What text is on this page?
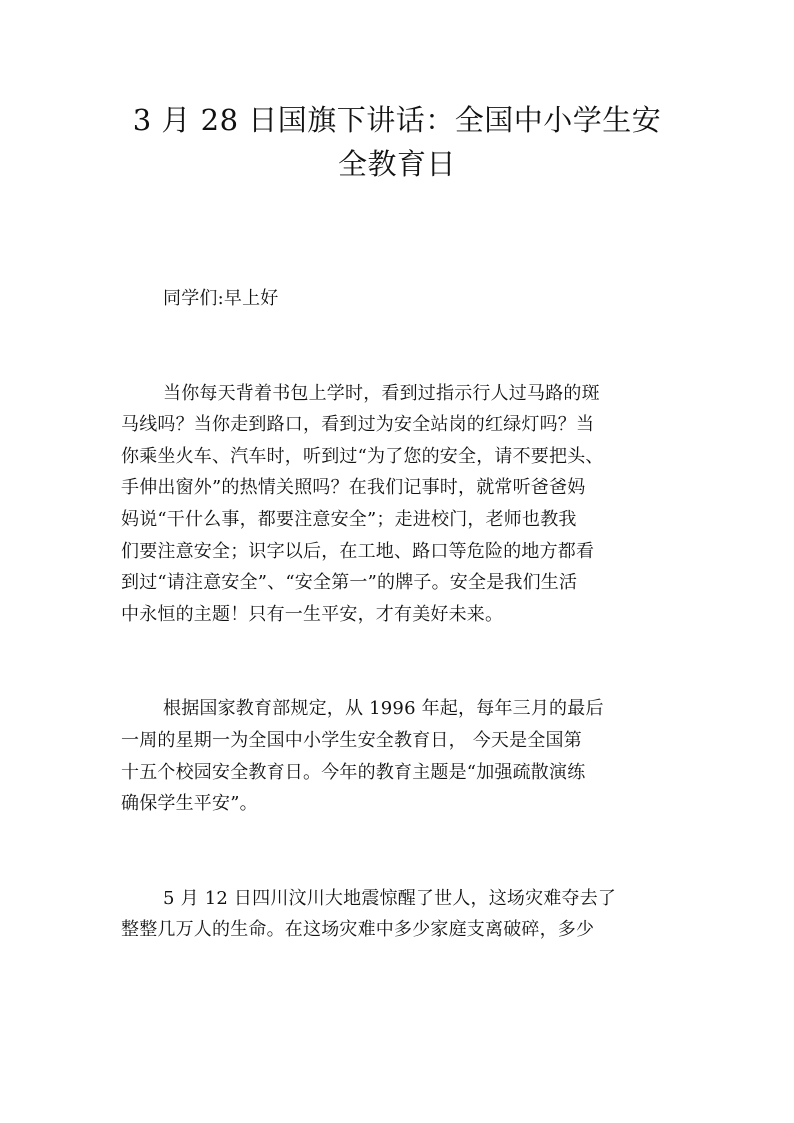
3 月 28 日国旗下讲话：全国中小学生安
全教育日

同学们:早上好

当你每天背着书包上学时，看到过指示行人过马路的斑
马线吗？当你走到路口，看到过为安全站岗的红绿灯吗？当
你乘坐火车、汽车时，听到过“为了您的安全，请不要把头、
手伸出窗外”的热情关照吗？在我们记事时，就常听爸爸妈
妈说“干什么事，都要注意安全”；走进校门，老师也教我
们要注意安全；识字以后，在工地、路口等危险的地方都看
到过“请注意安全”、“安全第一”的牌子。安全是我们生活
中永恒的主题！只有一生平安，才有美好未来。

根据国家教育部规定，从 1996 年起，每年三月的最后
一周的星期一为全国中小学生安全教育日， 今天是全国第
十五个校园安全教育日。今年的教育主题是“加强疏散演练
确保学生平安”。

5 月 12 日四川汶川大地震惊醒了世人，这场灾难夺去了
整整几万人的生命。在这场灾难中多少家庭支离破碎，多少
